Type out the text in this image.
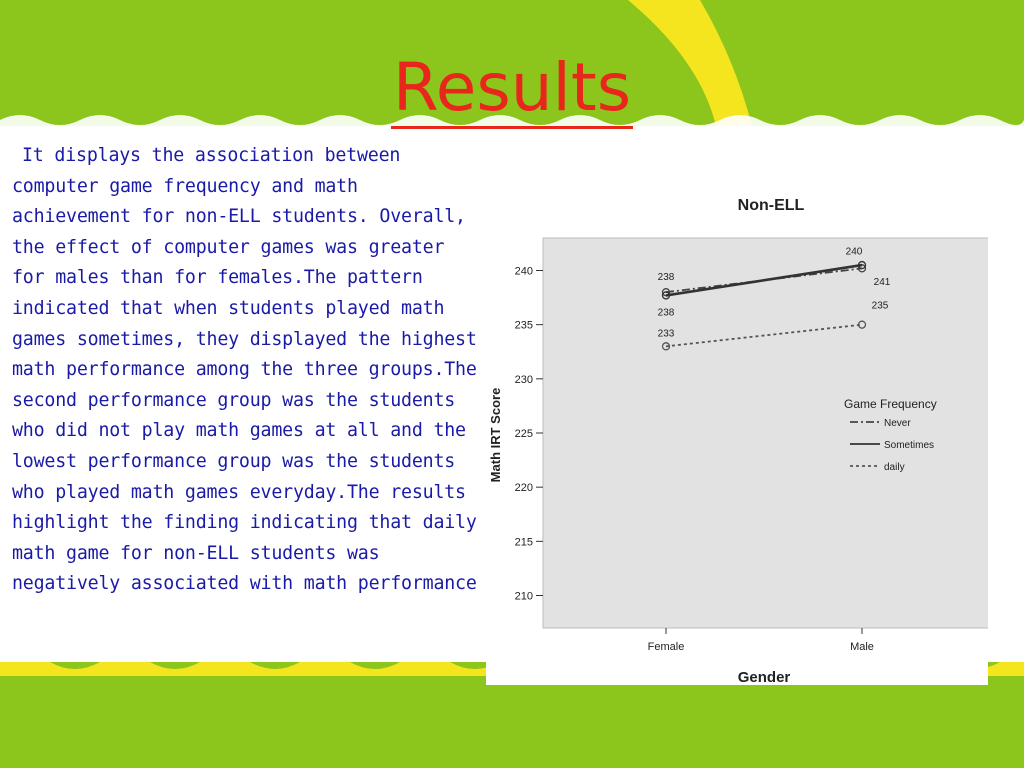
Results

It displays the association between computer game frequency and math achievement for non-ELL students. Overall, the effect of computer games was greater for males than for females.The pattern indicated that when students played math games sometimes, they displayed the highest math performance among the three groups.The second performance group was the students who did not play math games at all and the lowest performance group was the students who played math games everyday.The results highlight the finding indicating that daily math game for non-ELL students was negatively associated with math performance

Non-ELL
Gender
Math IRT Score
210
215
220
225
230
235
240
Female	Male
238
240
238
241
233
235
Game Frequency
Never
Sometimes
daily
